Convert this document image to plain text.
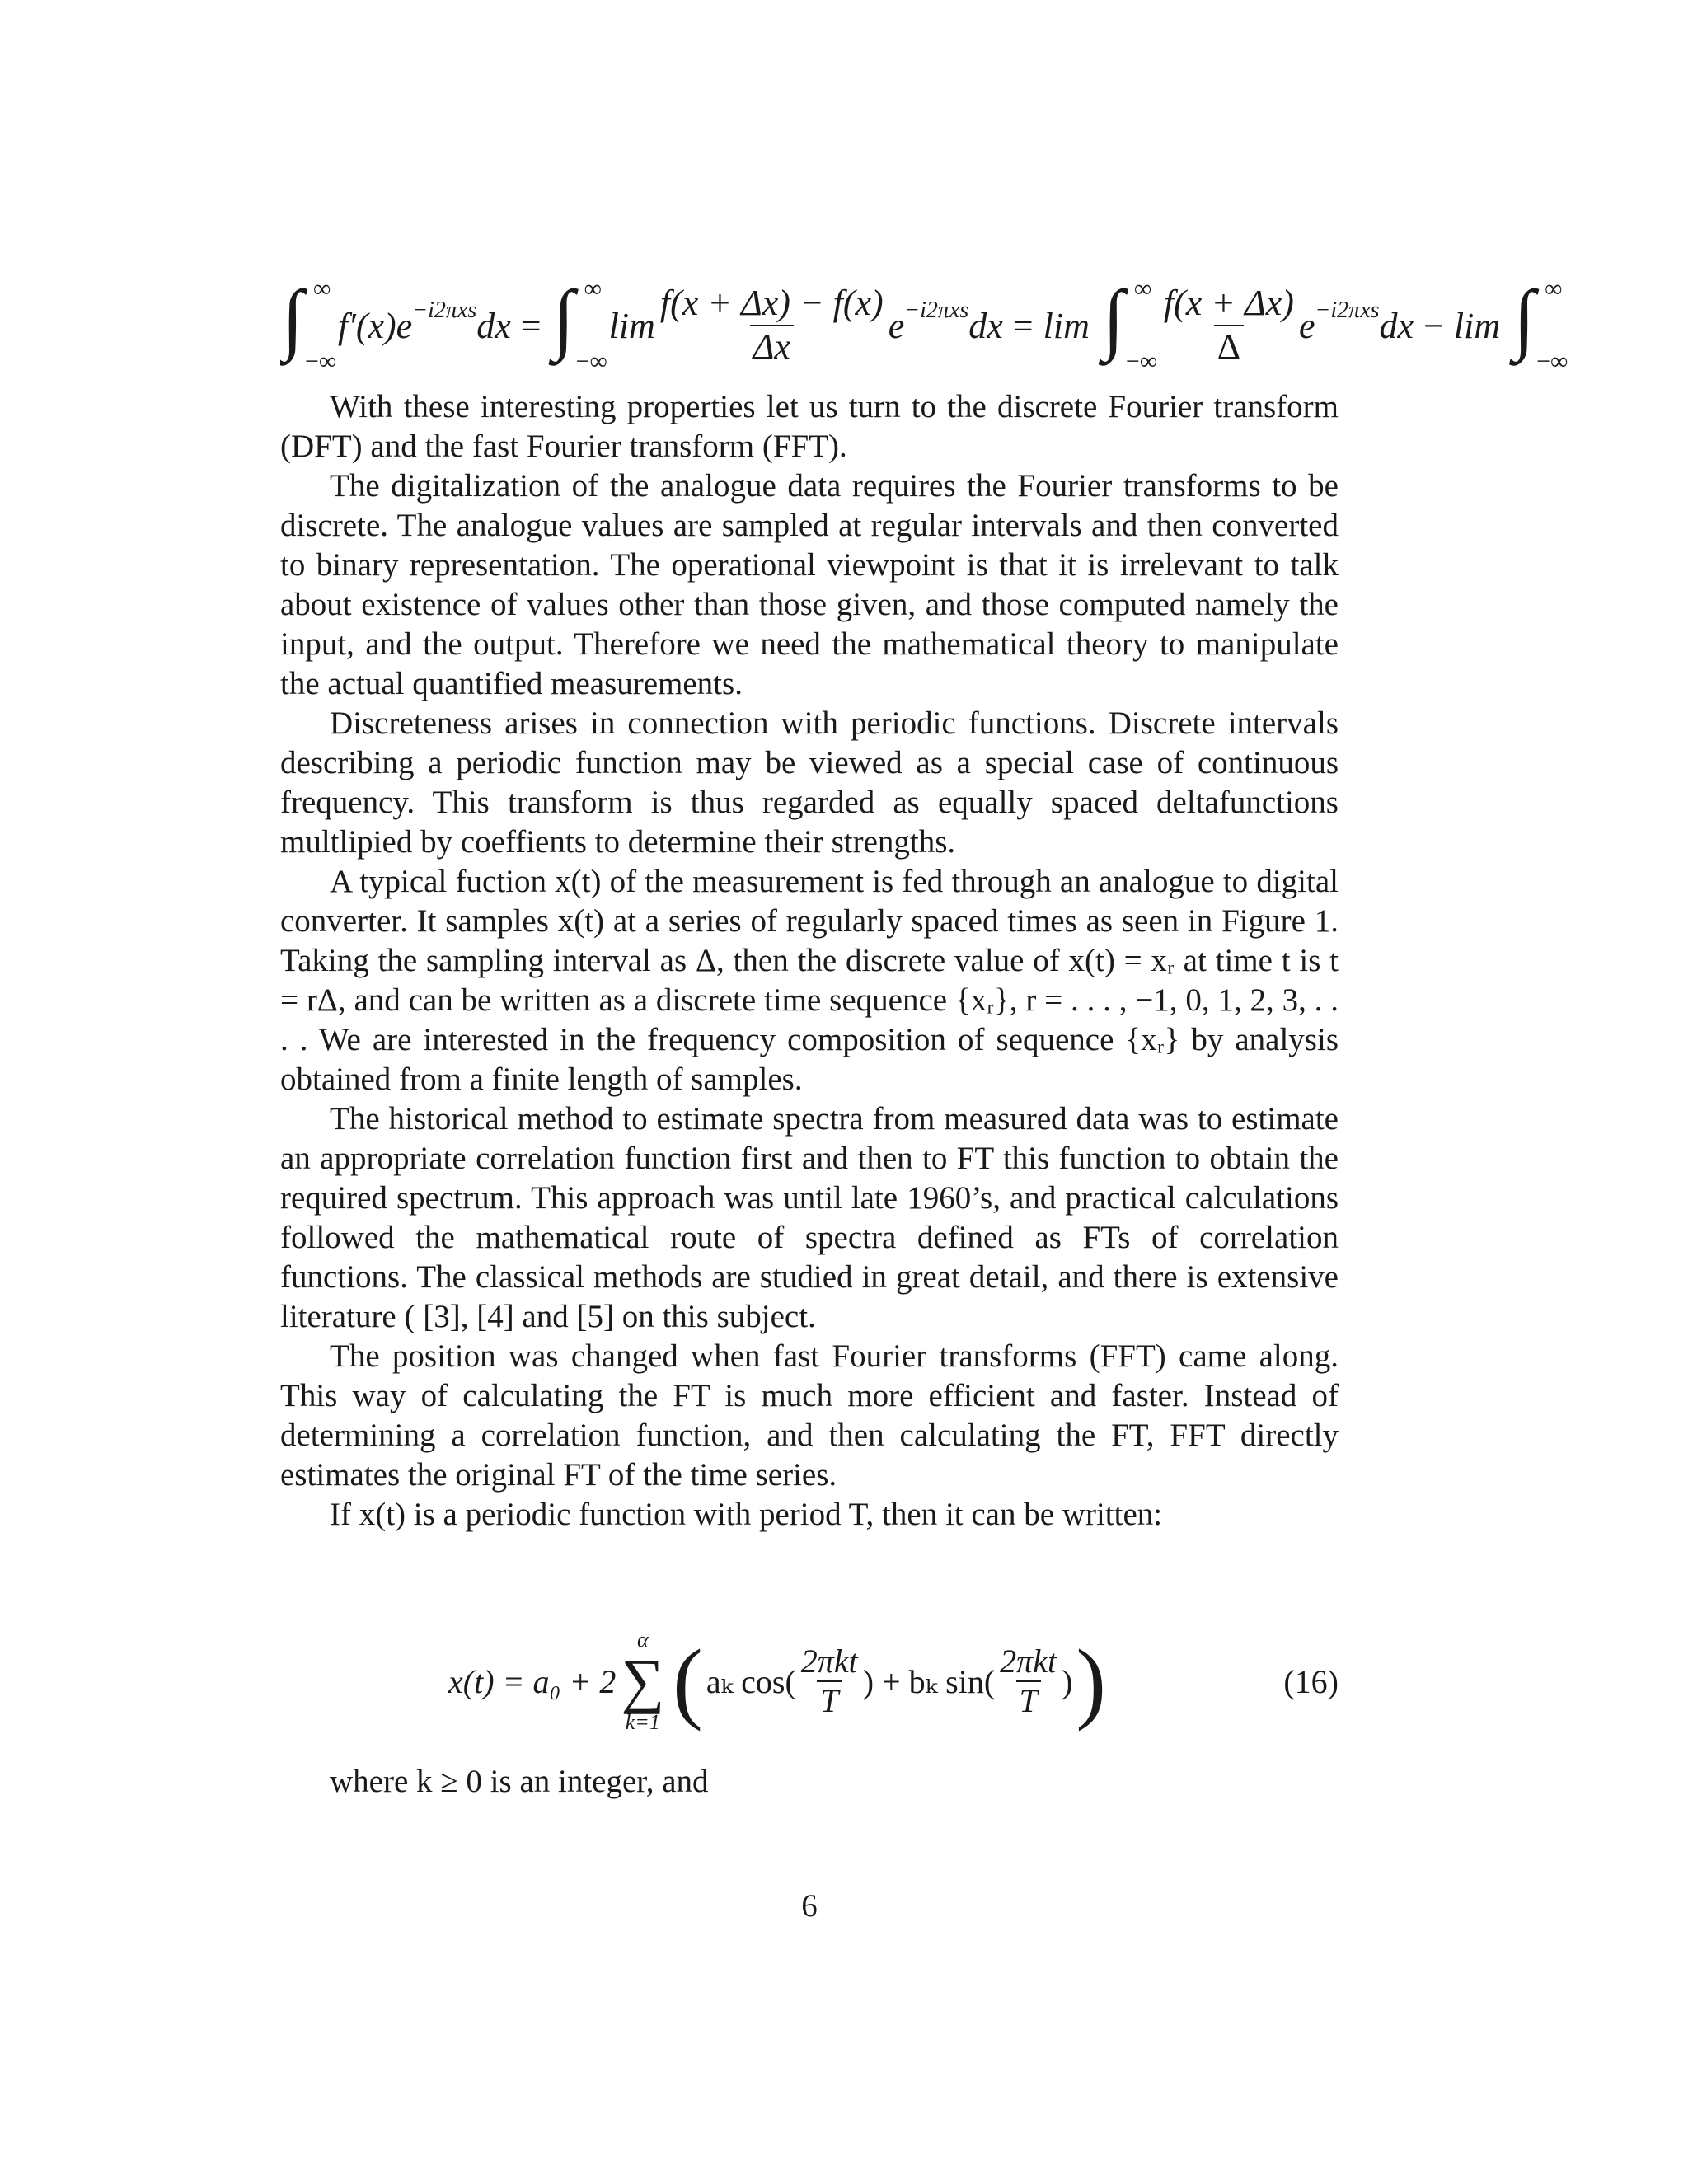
∫ ∞
−∞
f′(x)e −i2πxs dx = ∫ ∞
−∞
$\lim \frac{f(x + \Delta x) - f(x)}{\Delta x}$ e −i2πxs dx = lim ∫ ∞
−∞ $\frac{f(x + \Delta x)}{\Delta}$ e −i2πxs dx − lim ∫ ∞
−∞

With these interesting properties let us turn to the discrete Fourier transform (DFT) and the fast Fourier transform (FFT).

The digitalization of the analogue data requires the Fourier transforms to be discrete. The analogue values are sampled at regular intervals and then converted to binary representation. The operational viewpoint is that it is irrelevant to talk about existence of values other than those given, and those computed namely the input, and the output. Therefore we need the mathematical theory to manipulate the actual quantified measurements.

Discreteness arises in connection with periodic functions. Discrete intervals describing a periodic function may be viewed as a special case of continuous frequency. This transform is thus regarded as equally spaced deltafunctions multlipied by coeffients to determine their strengths.

A typical fuction x(t) of the measurement is fed through an analogue to digital converter. It samples x(t) at a series of regularly spaced times as seen in Figure 1. Taking the sampling interval as Δ, then the discrete value of x(t) = xᵣ at time t is t = rΔ, and can be written as a discrete time sequence {xᵣ}, r = . . . , −1, 0, 1, 2, 3, . . . . We are interested in the frequency composition of sequence {xᵣ} by analysis obtained from a finite length of samples.

The historical method to estimate spectra from measured data was to estimate an appropriate correlation function first and then to FT this function to obtain the required spectrum. This approach was until late 1960’s, and practical calculations followed the mathematical route of spectra defined as FTs of correlation functions. The classical methods are studied in great detail, and there is extensive literature ( [3], [4] and [5] on this subject.

The position was changed when fast Fourier transforms (FFT) came along. This way of calculating the FT is much more efficient and faster. Instead of determining a correlation function, and then calculating the FT, FFT directly estimates the original FT of the time series.

If x(t) is a periodic function with period T, then it can be written:

x(t) = a₀ + 2
α
∑
k=1 ( aₖ $\cos( \frac{\text{2πkt}}{T}$ ) + bₖ $\sin( \frac{\text{2πkt}}{T}$ ) )	(16)
where k ≥ 0 is an integer, and
6
